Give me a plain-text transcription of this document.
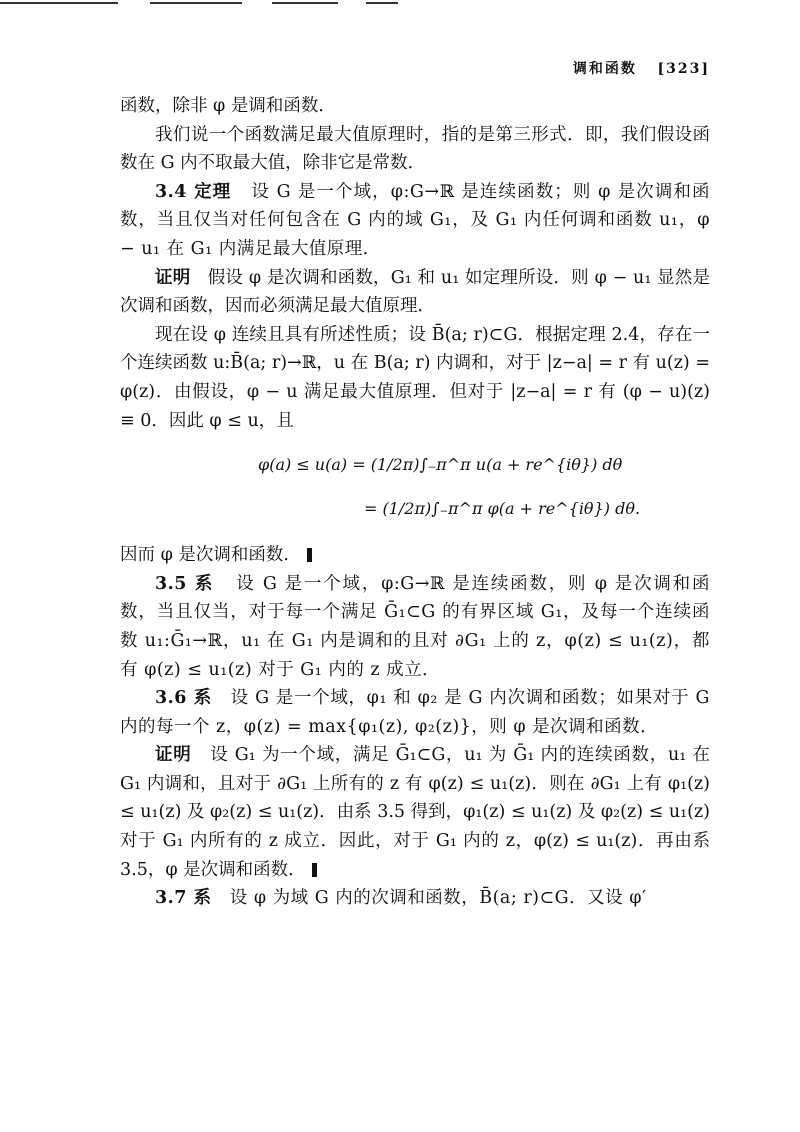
调和函数 [323]

函数，除非 φ 是调和函数．

我们说一个函数满足最大值原理时，指的是第三形式．即，我们假设函数在 G 内不取最大值，除非它是常数．

3.4 定理 设 G 是一个域，φ:G→ℝ 是连续函数；则 φ 是次调和函数，当且仅当对任何包含在 G 内的域 G₁，及 G₁ 内任何调和函数 u₁，φ − u₁ 在 G₁ 内满足最大值原理．

证明 假设 φ 是次调和函数，G₁ 和 u₁ 如定理所设．则 φ − u₁ 显然是次调和函数，因而必须满足最大值原理．

现在设 φ 连续且具有所述性质；设 B̄(a; r)⊂G．根据定理 2.4，存在一个连续函数 u:B̄(a; r)→ℝ，u 在 B(a; r) 内调和，对于 |z−a| = r 有 u(z) = φ(z)．由假设，φ − u 满足最大值原理．但对于 |z−a| = r 有 (φ − u)(z) ≡ 0．因此 φ ≤ u，且

φ(a) ≤ u(a) = (1/2π)∫₋π^π u(a + re^{iθ}) dθ
= (1/2π)∫₋π^π φ(a + re^{iθ}) dθ.

因而 φ 是次调和函数．

3.5 系 设 G 是一个域，φ:G→ℝ 是连续函数，则 φ 是次调和函数，当且仅当，对于每一个满足 Ḡ₁⊂G 的有界区域 G₁，及每一个连续函数 u₁:Ḡ₁→ℝ，u₁ 在 G₁ 内是调和的且对 ∂G₁ 上的 z，φ(z) ≤ u₁(z)，都有 φ(z) ≤ u₁(z) 对于 G₁ 内的 z 成立．

3.6 系 设 G 是一个域，φ₁ 和 φ₂ 是 G 内次调和函数；如果对于 G 内的每一个 z，φ(z) = max{φ₁(z), φ₂(z)}，则 φ 是次调和函数．

证明 设 G₁ 为一个域，满足 Ḡ₁⊂G，u₁ 为 Ḡ₁ 内的连续函数，u₁ 在 G₁ 内调和，且对于 ∂G₁ 上所有的 z 有 φ(z) ≤ u₁(z)．则在 ∂G₁ 上有 φ₁(z) ≤ u₁(z) 及 φ₂(z) ≤ u₁(z)．由系 3.5 得到，φ₁(z) ≤ u₁(z) 及 φ₂(z) ≤ u₁(z) 对于 G₁ 内所有的 z 成立．因此，对于 G₁ 内的 z，φ(z) ≤ u₁(z)．再由系 3.5，φ 是次调和函数．

3.7 系 设 φ 为域 G 内的次调和函数，B̄(a; r)⊂G．又设 φ′
